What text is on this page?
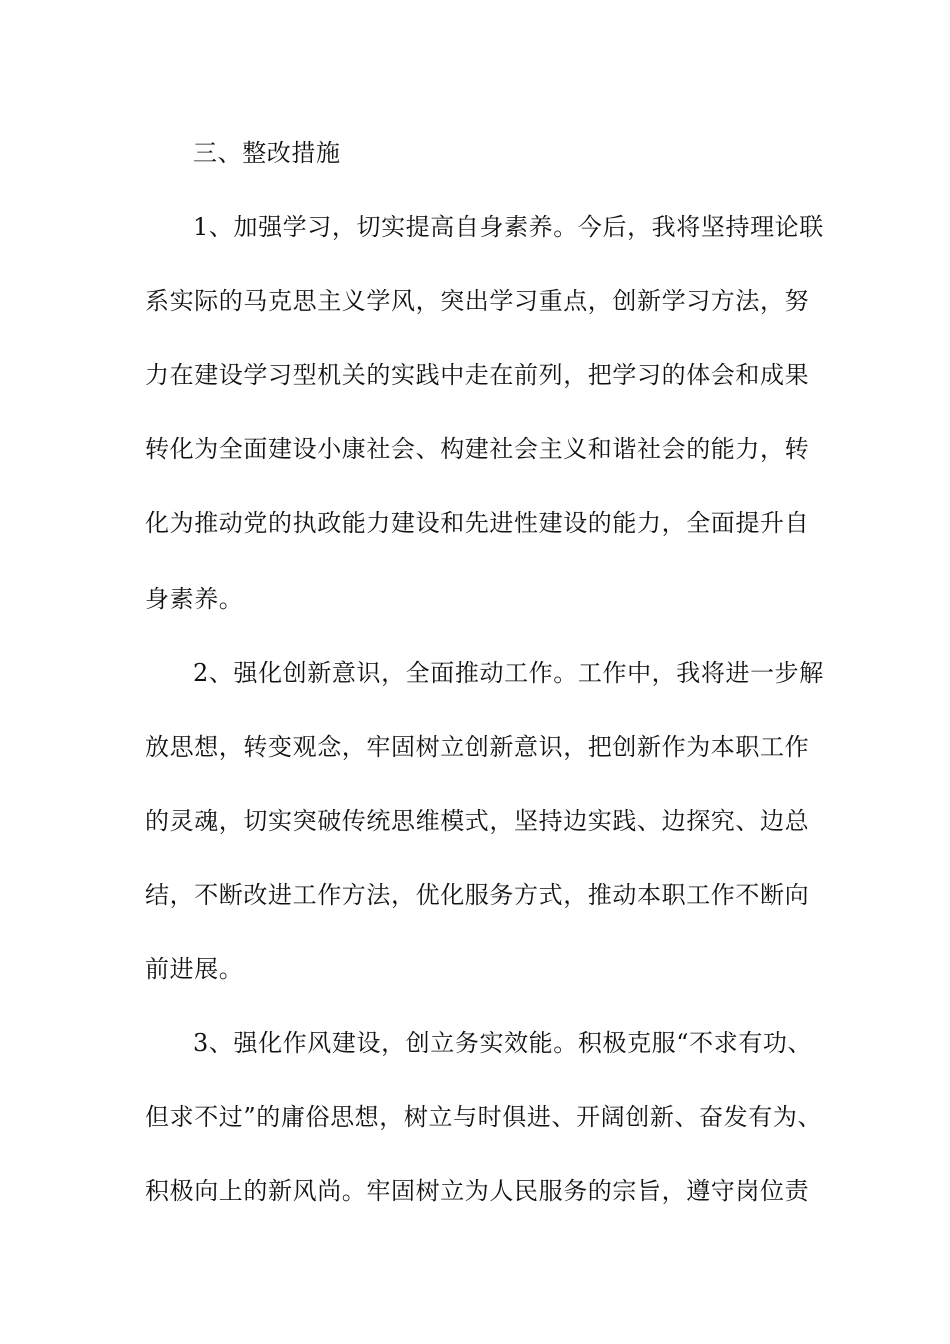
三、整改措施
1、加强学习，切实提高自身素养。今后，我将坚持理论联
系实际的马克思主义学风，突出学习重点，创新学习方法，努
力在建设学习型机关的实践中走在前列，把学习的体会和成果
转化为全面建设小康社会、构建社会主义和谐社会的能力，转
化为推动党的执政能力建设和先进性建设的能力，全面提升自
身素养。
2、强化创新意识，全面推动工作。工作中，我将进一步解
放思想，转变观念，牢固树立创新意识，把创新作为本职工作
的灵魂，切实突破传统思维模式，坚持边实践、边探究、边总
结，不断改进工作方法，优化服务方式，推动本职工作不断向
前进展。
3、强化作风建设，创立务实效能。积极克服“不求有功、
但求不过”的庸俗思想，树立与时俱进、开阔创新、奋发有为、
积极向上的新风尚。牢固树立为人民服务的宗旨，遵守岗位责
